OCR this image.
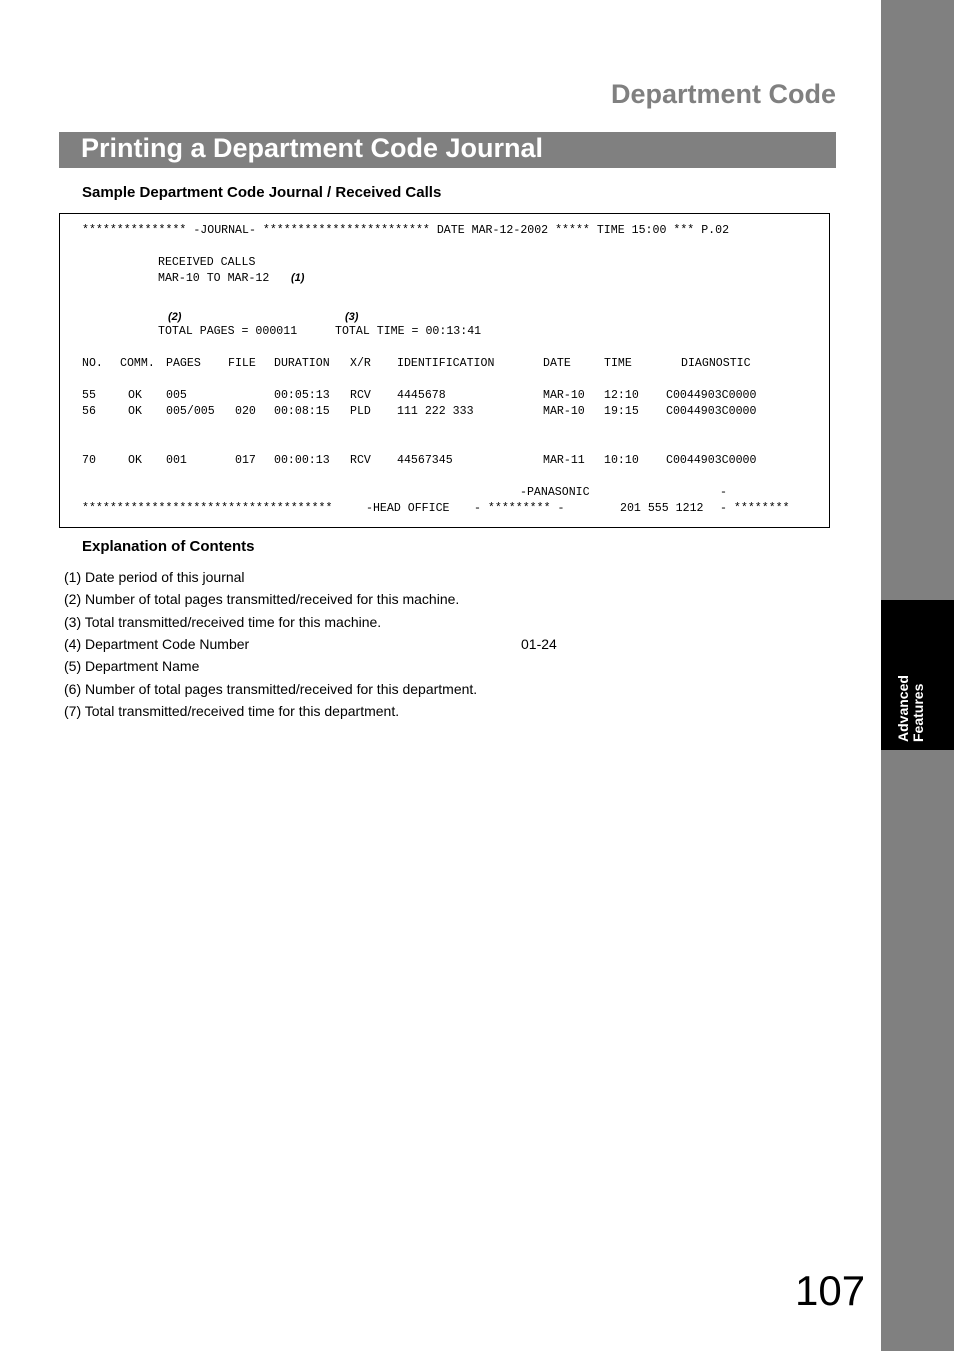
Advanced Features
Department Code
Printing a Department Code Journal
Sample Department Code Journal / Received Calls
*************** -JOURNAL- ************************ DATE MAR-12-2002 ***** TIME 15:00 *** P.02
RECEIVED CALLS
MAR-10 TO MAR-12 (1)
(2)	(3)
TOTAL PAGES = 000011	TOTAL TIME = 00:13:41
NO. COMM. PAGES FILE DURATION X/R IDENTIFICATION	DATE	TIME	DIAGNOSTIC
55	OK 005	00:05:13 RCV 4445678	MAR-10 12:10 C0044903C0000
56	OK 005/005 020 00:08:15 PLD 111 222 333	MAR-10 19:15 C0044903C0000
70	OK 001	017 00:00:13 RCV 44567345	MAR-11 10:10 C0044903C0000
-PANASONIC	-
************************************	-HEAD OFFICE - ********* -	201 555 1212 - ********
Explanation of Contents
(1) Date period of this journal
(2) Number of total pages transmitted/received for this machine.
(3) Total transmitted/received time for this machine.
(4) Department Code Number	01-24
(5) Department Name
(6) Number of total pages transmitted/received for this department.
(7) Total transmitted/received time for this department.
107
